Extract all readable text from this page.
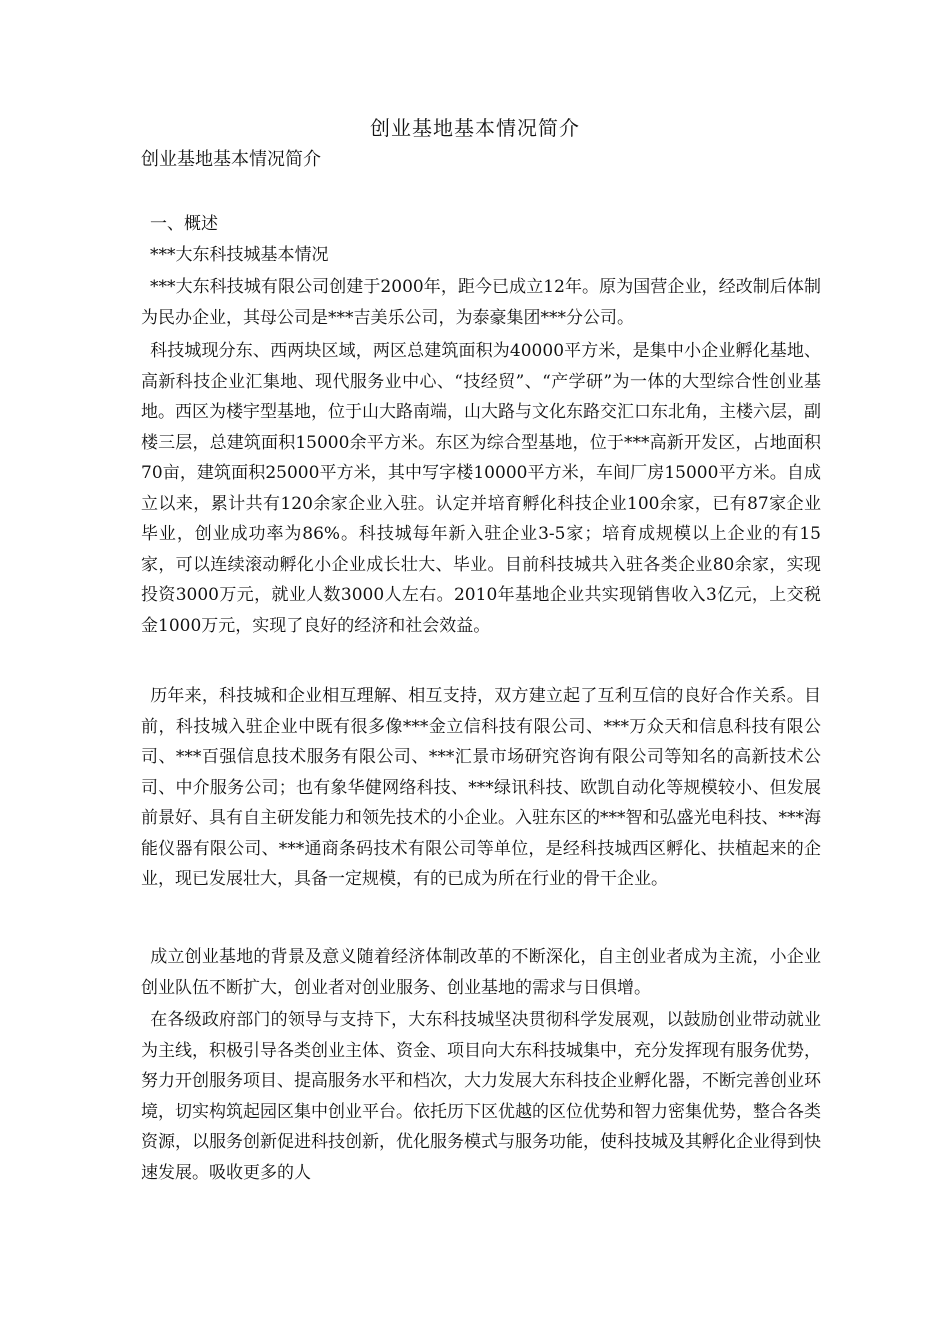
创业基地基本情况简介
创业基地基本情况简介
一、概述
***大东科技城基本情况

***大东科技城有限公司创建于2000年，距今已成立12年。原为国营企业，经改制后体制为民办企业，其母公司是***吉美乐公司，为泰豪集团***分公司。

科技城现分东、西两块区域，两区总建筑面积为40000平方米，是集中小企业孵化基地、高新科技企业汇集地、现代服务业中心、“技经贸”、“产学研”为一体的大型综合性创业基地。西区为楼宇型基地，位于山大路南端，山大路与文化东路交汇口东北角，主楼六层，副楼三层，总建筑面积15000余平方米。东区为综合型基地，位于***高新开发区，占地面积70亩，建筑面积25000平方米，其中写字楼10000平方米，车间厂房15000平方米。自成立以来，累计共有120余家企业入驻。认定并培育孵化科技企业100余家，已有87家企业毕业，创业成功率为86%。科技城每年新入驻企业3-5家；培育成规模以上企业的有15家，可以连续滚动孵化小企业成长壮大、毕业。目前科技城共入驻各类企业80余家，实现投资3000万元，就业人数3000人左右。2010年基地企业共实现销售收入3亿元，上交税金1000万元，实现了良好的经济和社会效益。

历年来，科技城和企业相互理解、相互支持，双方建立起了互利互信的良好合作关系。目前，科技城入驻企业中既有很多像***金立信科技有限公司、***万众天和信息科技有限公司、***百强信息技术服务有限公司、***汇景市场研究咨询有限公司等知名的高新技术公司、中介服务公司；也有象华健网络科技、***绿讯科技、欧凯自动化等规模较小、但发展前景好、具有自主研发能力和领先技术的小企业。入驻东区的***智和弘盛光电科技、***海能仪器有限公司、***通商条码技术有限公司等单位，是经科技城西区孵化、扶植起来的企业，现已发展壮大，具备一定规模，有的已成为所在行业的骨干企业。

成立创业基地的背景及意义随着经济体制改革的不断深化，自主创业者成为主流，小企业创业队伍不断扩大，创业者对创业服务、创业基地的需求与日俱增。

在各级政府部门的领导与支持下，大东科技城坚决贯彻科学发展观，以鼓励创业带动就业为主线，积极引导各类创业主体、资金、项目向大东科技城集中，充分发挥现有服务优势，努力开创服务项目、提高服务水平和档次，大力发展大东科技企业孵化器，不断完善创业环境，切实构筑起园区集中创业平台。依托历下区优越的区位优势和智力密集优势，整合各类资源，以服务创新促进科技创新，优化服务模式与服务功能，使科技城及其孵化企业得到快速发展。吸收更多的人
